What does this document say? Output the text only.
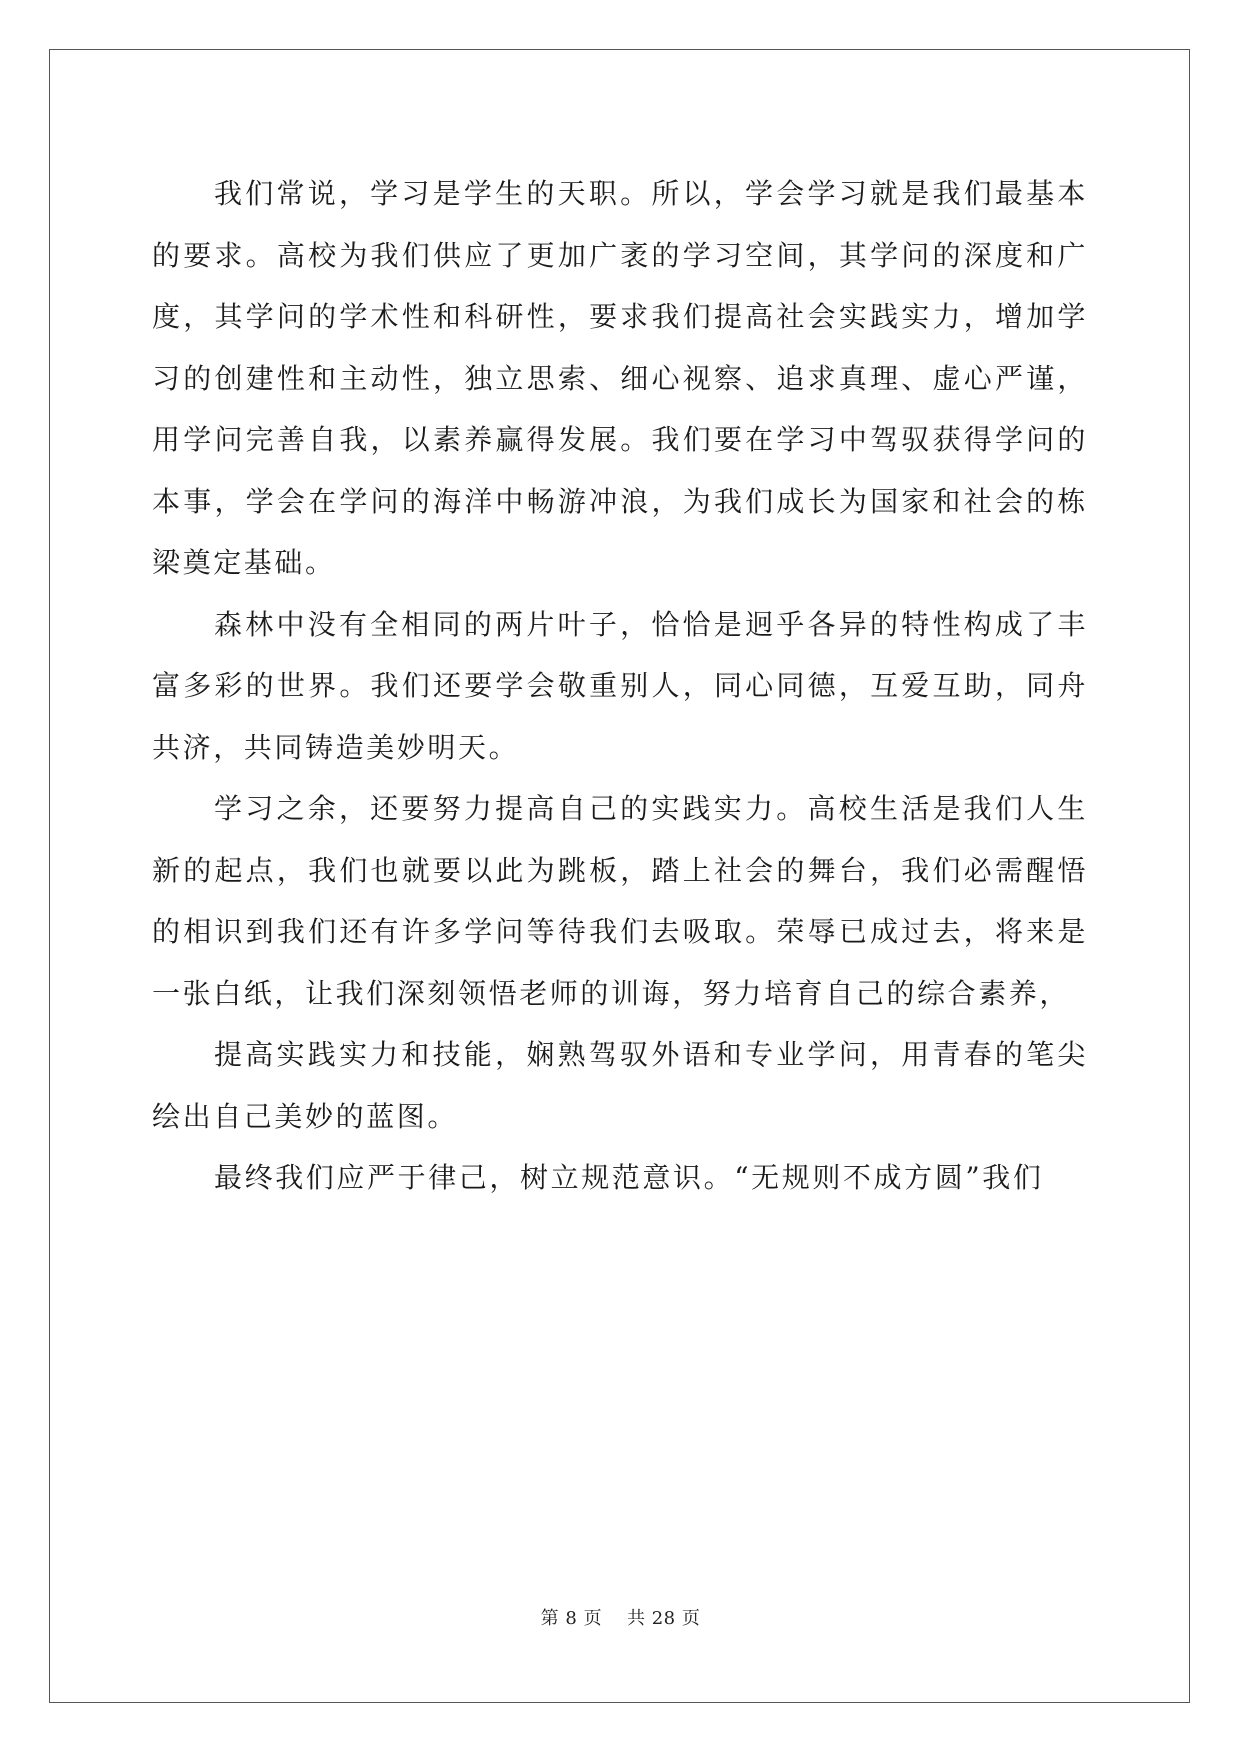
我们常说，学习是学生的天职。所以，学会学习就是我们最基本的要求。高校为我们供应了更加广袤的学习空间，其学问的深度和广度，其学问的学术性和科研性，要求我们提高社会实践实力，增加学习的创建性和主动性，独立思索、细心视察、追求真理、虚心严谨，用学问完善自我，以素养赢得发展。我们要在学习中驾驭获得学问的本事，学会在学问的海洋中畅游冲浪，为我们成长为国家和社会的栋梁奠定基础。

森林中没有全相同的两片叶子，恰恰是迥乎各异的特性构成了丰富多彩的世界。我们还要学会敬重别人，同心同德，互爱互助，同舟共济，共同铸造美妙明天。

学习之余，还要努力提高自己的实践实力。高校生活是我们人生新的起点，我们也就要以此为跳板，踏上社会的舞台，我们必需醒悟的相识到我们还有许多学问等待我们去吸取。荣辱已成过去，将来是一张白纸，让我们深刻领悟老师的训诲，努力培育自己的综合素养，

提高实践实力和技能，娴熟驾驭外语和专业学问，用青春的笔尖绘出自己美妙的蓝图。

最终我们应严于律己，树立规范意识。“无规则不成方圆”我们

第 8 页 共 28 页
